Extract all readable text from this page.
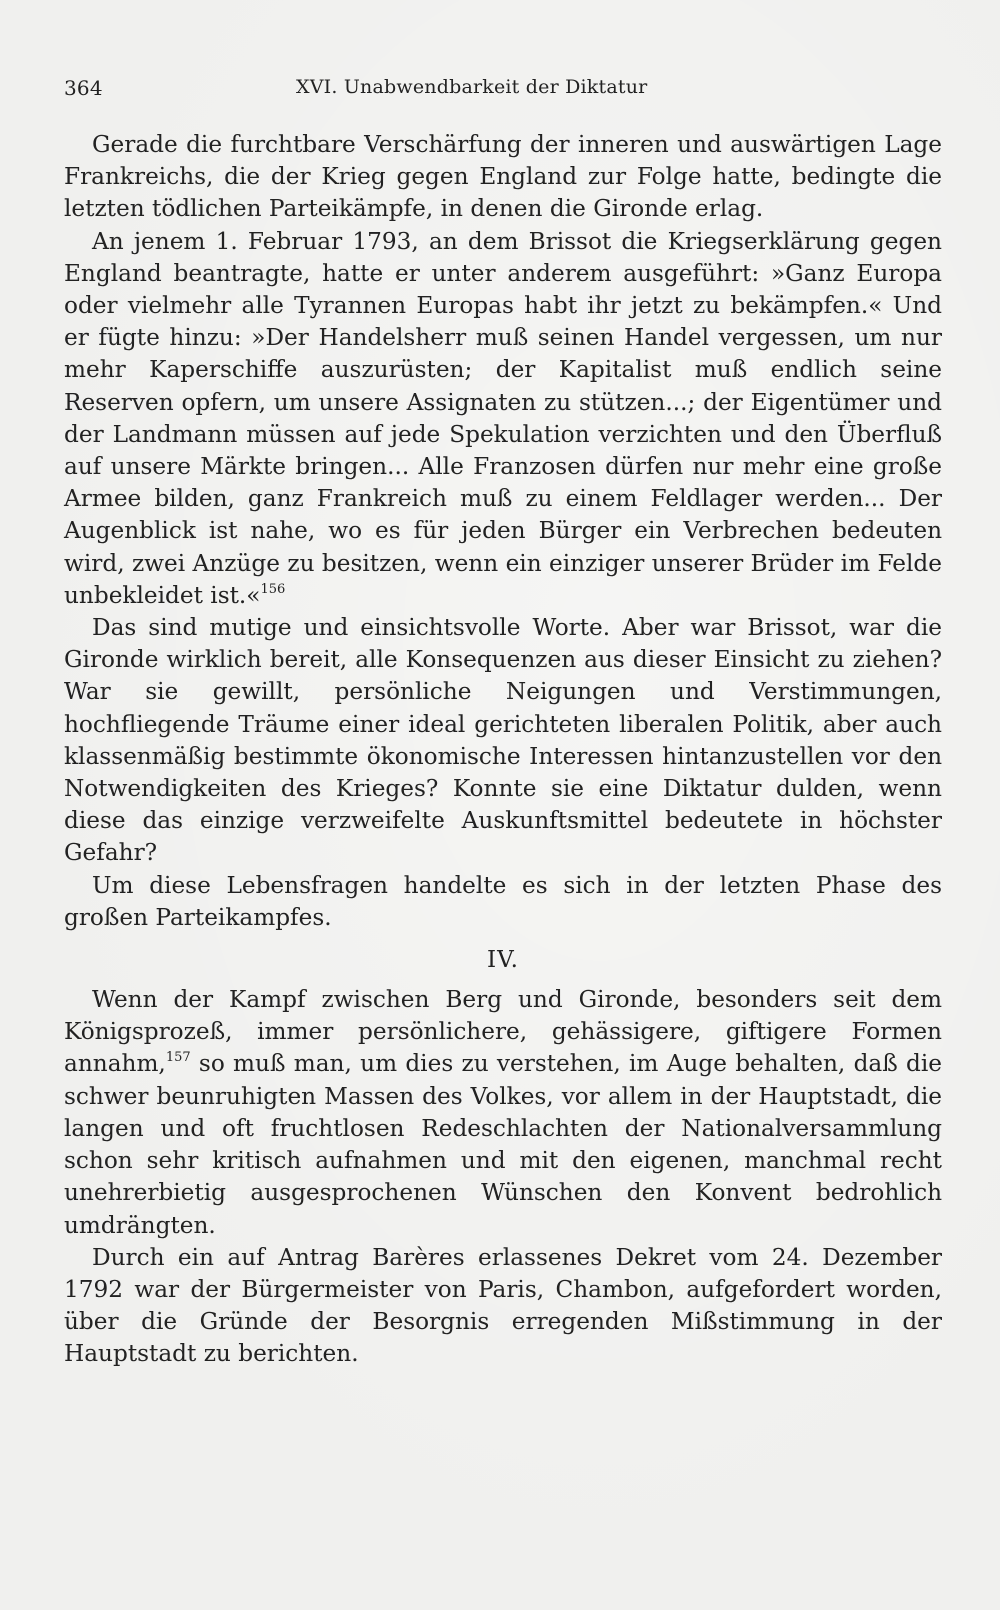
364	XVI. Unabwendbarkeit der Diktatur

Gerade die furchtbare Verschärfung der inneren und auswärtigen Lage Frankreichs, die der Krieg gegen England zur Folge hatte, bedingte die letzten tödlichen Parteikämpfe, in denen die Gironde erlag.

An jenem 1. Februar 1793, an dem Brissot die Kriegserklärung gegen England beantragte, hatte er unter anderem ausgeführt: »Ganz Europa oder vielmehr alle Tyrannen Europas habt ihr jetzt zu bekämpfen.« Und er fügte hinzu: »Der Handelsherr muß seinen Handel vergessen, um nur mehr Kaperschiffe auszurüsten; der Kapitalist muß endlich seine Reserven opfern, um unsere Assignaten zu stützen...; der Eigentümer und der Landmann müssen auf jede Spekulation verzichten und den Überfluß auf unsere Märkte bringen... Alle Franzosen dürfen nur mehr eine große Armee bilden, ganz Frankreich muß zu einem Feldlager werden... Der Augenblick ist nahe, wo es für jeden Bürger ein Verbrechen bedeuten wird, zwei Anzüge zu besitzen, wenn ein einziger unserer Brüder im Felde unbekleidet ist.«$^{156}$

Das sind mutige und einsichtsvolle Worte. Aber war Brissot, war die Gironde wirklich bereit, alle Konsequenzen aus dieser Einsicht zu ziehen? War sie gewillt, persönliche Neigungen und Verstimmungen, hochfliegende Träume einer ideal gerichteten liberalen Politik, aber auch klassenmäßig bestimmte ökonomische Interessen hintanzustellen vor den Notwendigkeiten des Krieges? Konnte sie eine Diktatur dulden, wenn diese das einzige verzweifelte Auskunftsmittel bedeutete in höchster Gefahr?

Um diese Lebensfragen handelte es sich in der letzten Phase des großen Parteikampfes.

IV.

Wenn der Kampf zwischen Berg und Gironde, besonders seit dem Königsprozeß, immer persönlichere, gehässigere, giftigere Formen annahm,$^{157}$ so muß man, um dies zu verstehen, im Auge behalten, daß die schwer beunruhigten Massen des Volkes, vor allem in der Hauptstadt, die langen und oft fruchtlosen Redeschlachten der Nationalversammlung schon sehr kritisch aufnahmen und mit den eigenen, manchmal recht unehrerbietig ausgesprochenen Wünschen den Konvent bedrohlich umdrängten.

Durch ein auf Antrag Barères erlassenes Dekret vom 24. Dezember 1792 war der Bürgermeister von Paris, Chambon, aufgefordert worden, über die Gründe der Besorgnis erregenden Mißstimmung in der Hauptstadt zu berichten.
